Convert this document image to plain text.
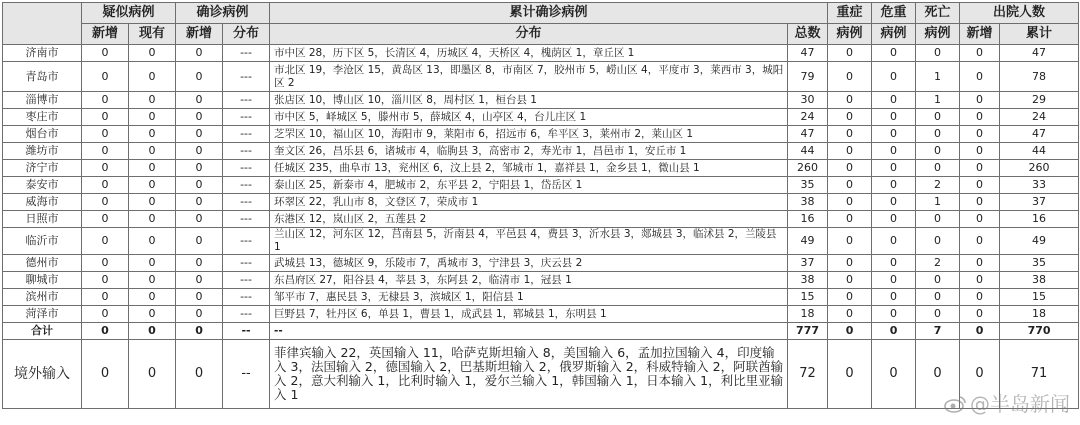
	疑似病例		确诊病例		累计确诊病例		重症	危重	死亡	出院人数	
	新增	现有	新增	分布	分布	总数	病例	病例	病例	新增	累计
济南市	0	0	0	---	市中区 28，历下区 5，长清区 4，历城区 4，天桥区 4，槐荫区 1，章丘区 1	47	0	0	0	0	47
青岛市	0	0	0	---	市北区 19，李沧区 15，黄岛区 13，即墨区 8，市南区 7，胶州市 5，崂山区 4，平度市 3，莱西市 3，城阳区 2	79	0	0	1	0	78
淄博市	0	0	0	---	张店区 10，博山区 10，淄川区 8，周村区 1，桓台县 1	30	0	0	1	0	29
枣庄市	0	0	0	---	市中区 5，峄城区 5，滕州市 5，薛城区 4，山亭区 4，台儿庄区 1	24	0	0	0	0	24
烟台市	0	0	0	---	芝罘区 10，福山区 10，海阳市 9，莱阳市 6，招远市 6，牟平区 3，莱州市 2，莱山区 1	47	0	0	0	0	47
潍坊市	0	0	0	---	奎文区 26，昌乐县 6，诸城市 4，临朐县 3，高密市 2，寿光市 1，昌邑市 1，安丘市 1	44	0	0	0	0	44
济宁市	0	0	0	---	任城区 235，曲阜市 13，兖州区 6，汶上县 2，邹城市 1，嘉祥县 1，金乡县 1，微山县 1	260	0	0	0	0	260
泰安市	0	0	0	---	泰山区 25，新泰市 4，肥城市 2，东平县 2，宁阳县 1，岱岳区 1	35	0	0	2	0	33
威海市	0	0	0	---	环翠区 22，乳山市 8，文登区 7，荣成市 1	38	0	0	1	0	37
日照市	0	0	0	---	东港区 12，岚山区 2，五莲县 2	16	0	0	0	0	16
临沂市	0	0	0	---	兰山区 12，河东区 12，莒南县 5，沂南县 4，平邑县 4，费县 3，沂水县 3，郯城县 3，临沭县 2，兰陵县 1	49	0	0	0	0	49
德州市	0	0	0	---	武城县 13，德城区 9，乐陵市 7，禹城市 3，宁津县 3，庆云县 2	37	0	0	2	0	35
聊城市	0	0	0	---	东昌府区 27，阳谷县 4，莘县 3，东阿县 2，临清市 1，冠县 1	38	0	0	0	0	38
滨州市	0	0	0	---	邹平市 7，惠民县 3，无棣县 3，滨城区 1，阳信县 1	15	0	0	0	0	15
菏泽市	0	0	0	---	巨野县 7，牡丹区 6，单县 1，曹县 1，成武县 1，郓城县 1，东明县 1	18	0	0	0	0	18
合计	0	0	0	--	--	777	0	0	7	0	770
境外输入	0	0	0	--	菲律宾输入 22，英国输入 11，哈萨克斯坦输入 8，美国输入 6，孟加拉国输入 4，印度输入 3，法国输入 2，德国输入 2，巴基斯坦输入 2，俄罗斯输入 2，科威特输入 2，阿联酋输入 2，意大利输入 1，比利时输入 1，爱尔兰输入 1，韩国输入 1，日本输入 1，利比里亚输入 1	72	0	0	0	0	71
@半岛新闻
